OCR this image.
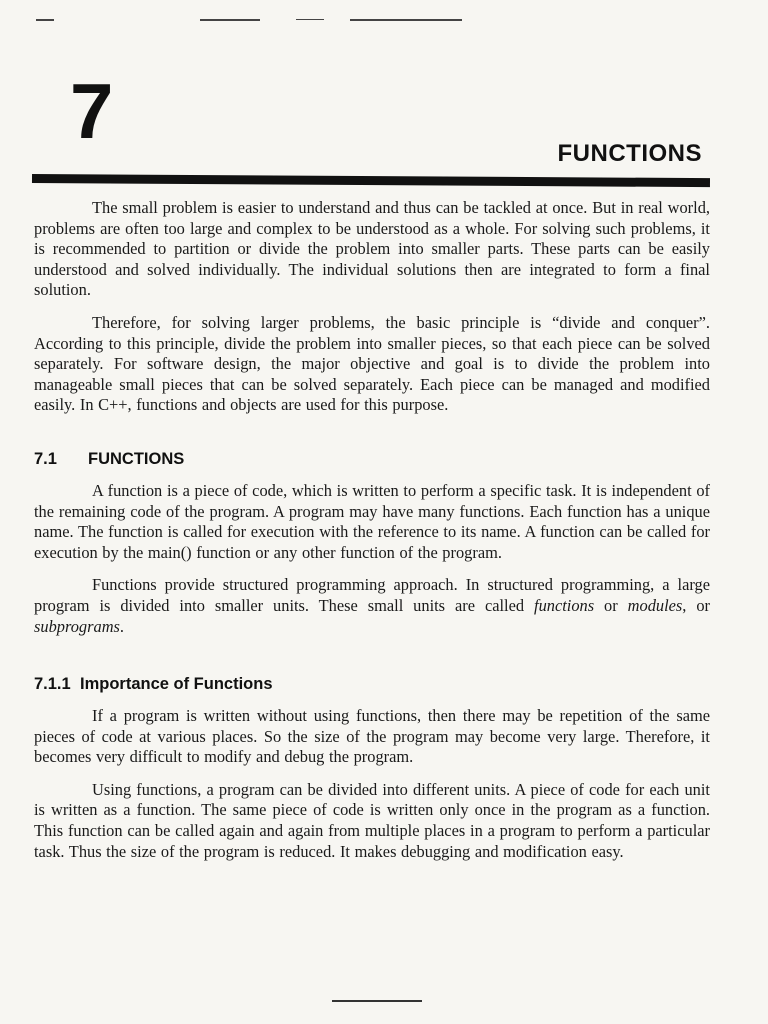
7	FUNCTIONS

The small problem is easier to understand and thus can be tackled at once. But in real world, problems are often too large and complex to be understood as a whole. For solving such problems, it is recommended to partition or divide the problem into smaller parts. These parts can be easily understood and solved individually. The individual solutions then are integrated to form a final solution.

Therefore, for solving larger problems, the basic principle is “divide and conquer”. According to this principle, divide the problem into smaller pieces, so that each piece can be solved separately. For software design, the major objective and goal is to divide the problem into manageable small pieces that can be solved separately. Each piece can be managed and modified easily. In C++, functions and objects are used for this purpose.

7.1	FUNCTIONS

A function is a piece of code, which is written to perform a specific task. It is independent of the remaining code of the program. A program may have many functions. Each function has a unique name. The function is called for execution with the reference to its name. A function can be called for execution by the main() function or any other function of the program.

Functions provide structured programming approach. In structured programming, a large program is divided into smaller units. These small units are called functions or modules, or subprograms.

7.1.1 Importance of Functions

If a program is written without using functions, then there may be repetition of the same pieces of code at various places. So the size of the program may become very large. Therefore, it becomes very difficult to modify and debug the program.

Using functions, a program can be divided into different units. A piece of code for each unit is written as a function. The same piece of code is written only once in the program as a function. This function can be called again and again from multiple places in a program to perform a particular task. Thus the size of the program is reduced. It makes debugging and modification easy.
